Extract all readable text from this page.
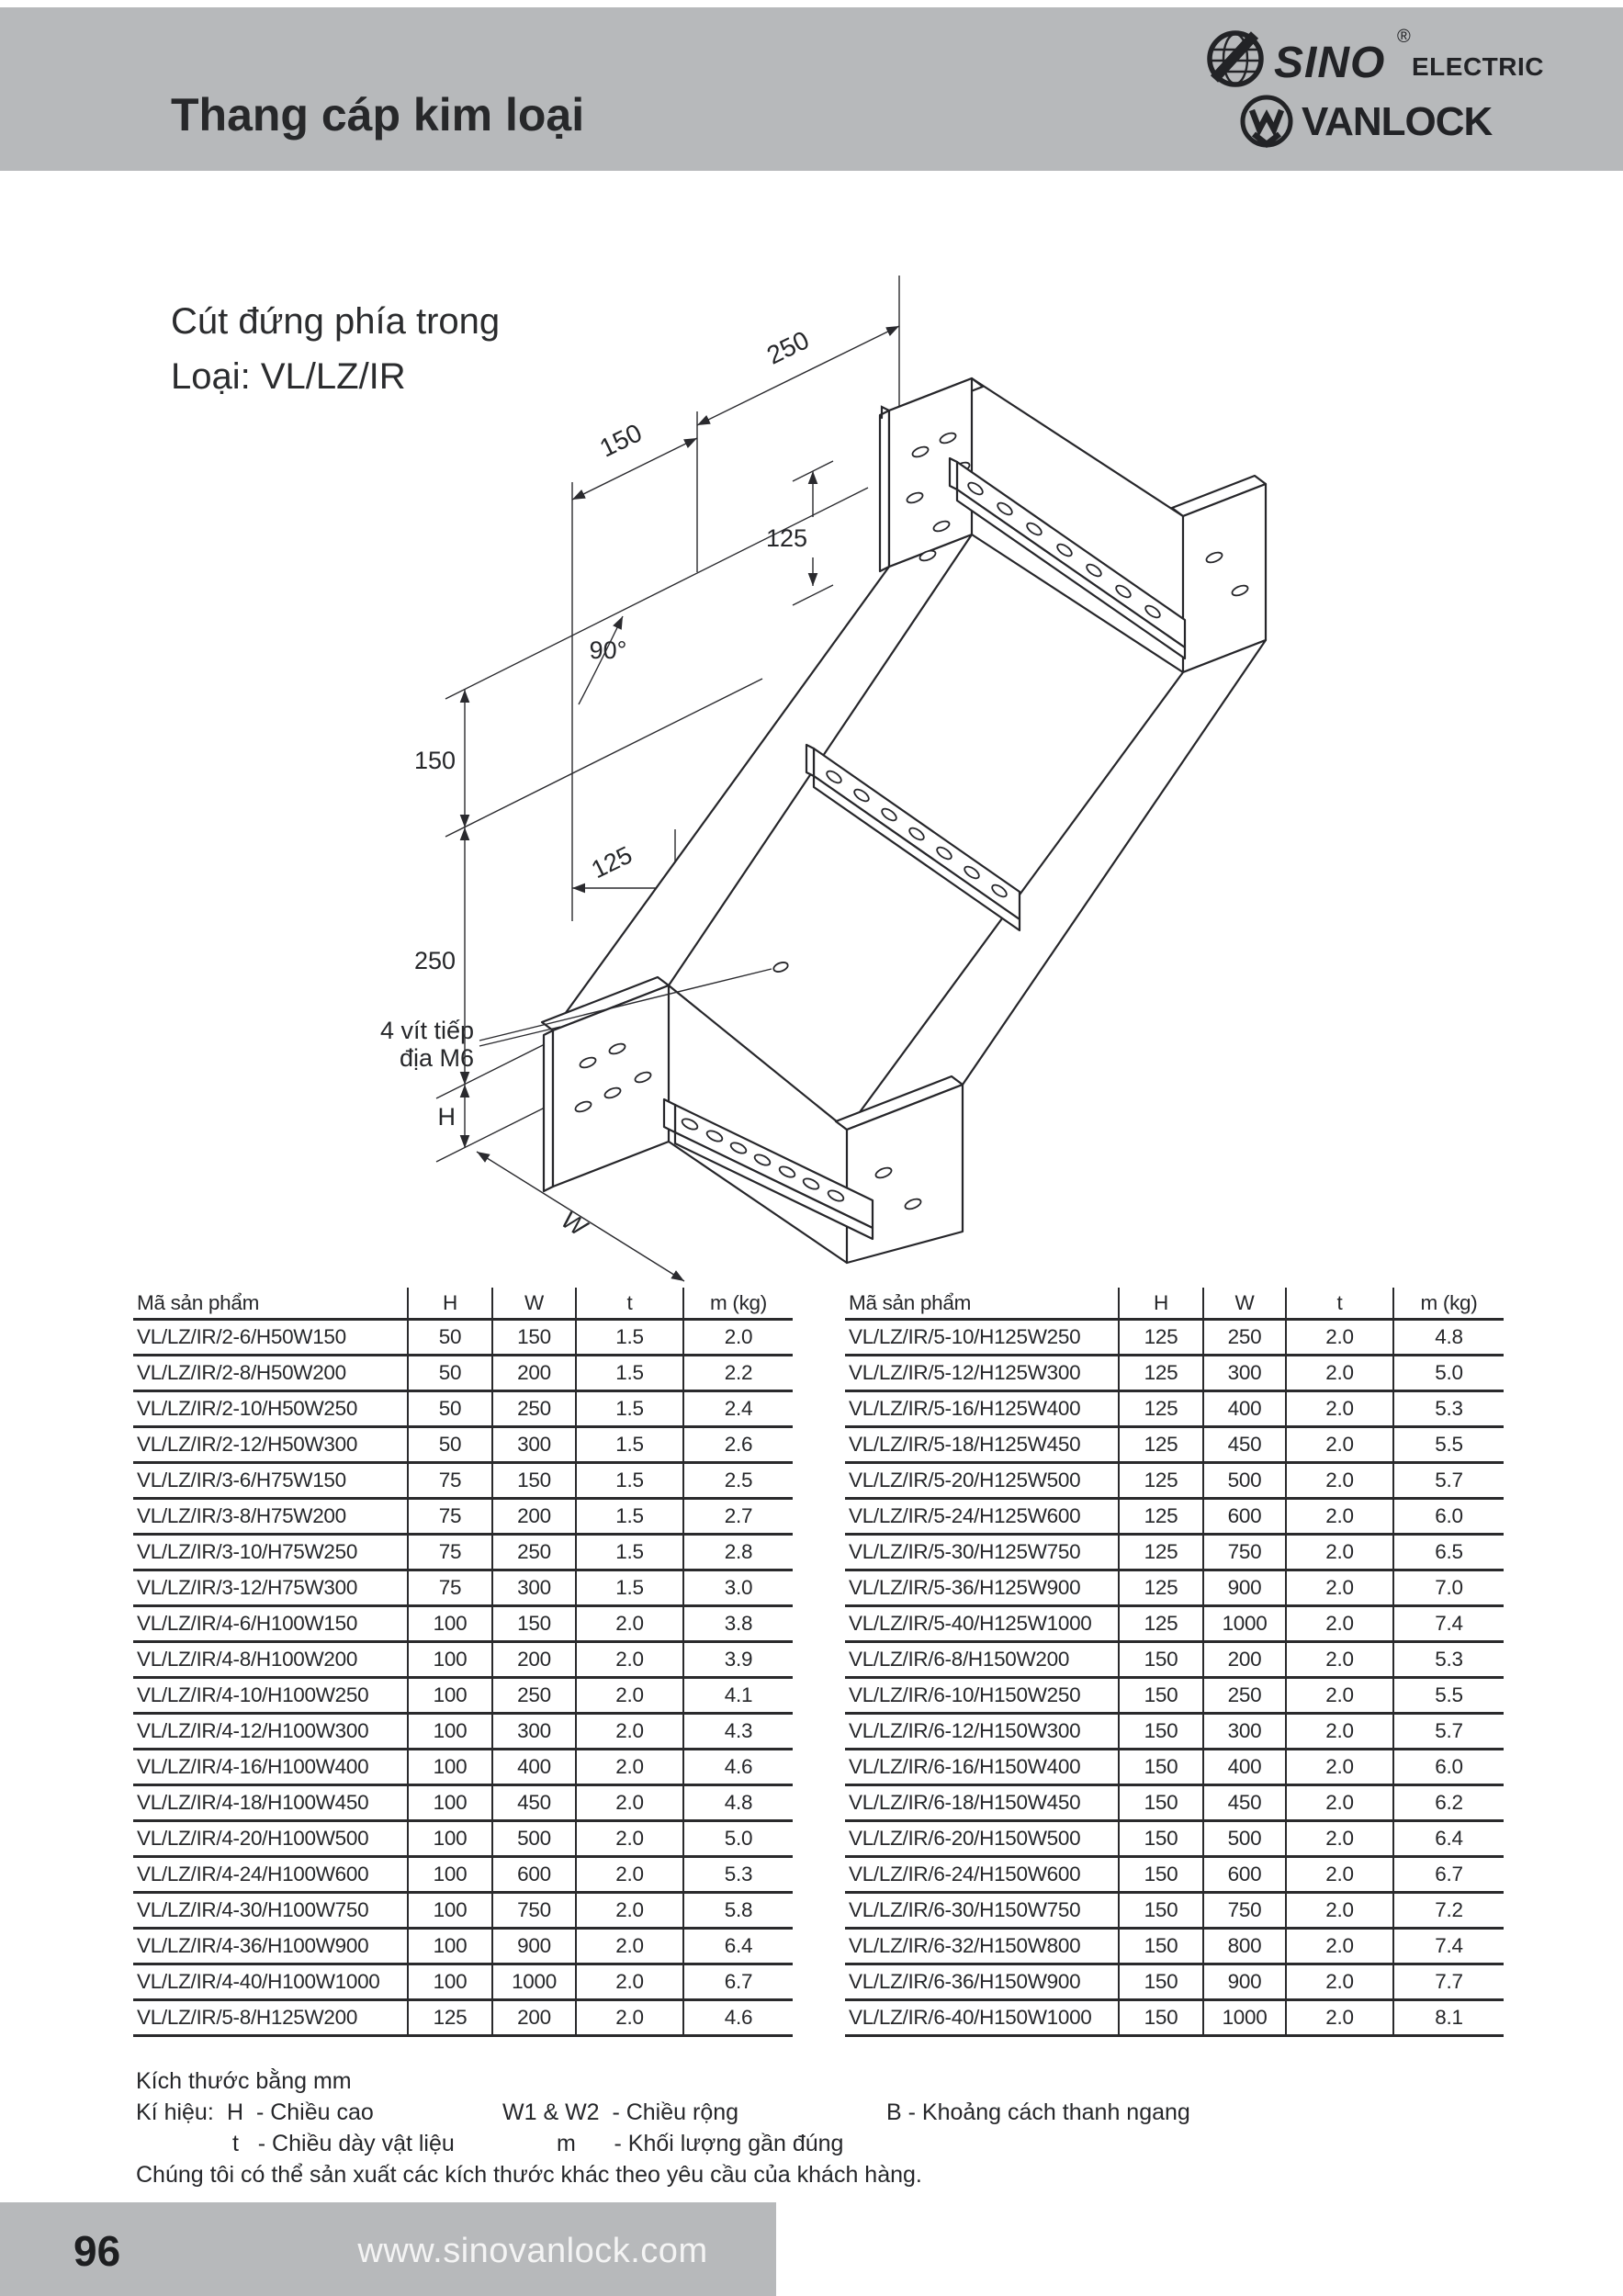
Thang cáp kim loại
SINO
®
ELECTRIC
VANLOCK
Cút đứng phía trong
Loại: VL/LZ/IR
250
150
125
90°
150
250
125
H
W
4 vít tiếp
địa M6
Mã sản phẩm	H	W	t	m (kg)
VL/LZ/IR/2-6/H50W150	50	150	1.5	2.0
VL/LZ/IR/2-8/H50W200	50	200	1.5	2.2
VL/LZ/IR/2-10/H50W250	50	250	1.5	2.4
VL/LZ/IR/2-12/H50W300	50	300	1.5	2.6
VL/LZ/IR/3-6/H75W150	75	150	1.5	2.5
VL/LZ/IR/3-8/H75W200	75	200	1.5	2.7
VL/LZ/IR/3-10/H75W250	75	250	1.5	2.8
VL/LZ/IR/3-12/H75W300	75	300	1.5	3.0
VL/LZ/IR/4-6/H100W150	100	150	2.0	3.8
VL/LZ/IR/4-8/H100W200	100	200	2.0	3.9
VL/LZ/IR/4-10/H100W250	100	250	2.0	4.1
VL/LZ/IR/4-12/H100W300	100	300	2.0	4.3
VL/LZ/IR/4-16/H100W400	100	400	2.0	4.6
VL/LZ/IR/4-18/H100W450	100	450	2.0	4.8
VL/LZ/IR/4-20/H100W500	100	500	2.0	5.0
VL/LZ/IR/4-24/H100W600	100	600	2.0	5.3
VL/LZ/IR/4-30/H100W750	100	750	2.0	5.8
VL/LZ/IR/4-36/H100W900	100	900	2.0	6.4
VL/LZ/IR/4-40/H100W1000	100	1000	2.0	6.7
VL/LZ/IR/5-8/H125W200	125	200	2.0	4.6
Mã sản phẩm	H	W	t	m (kg)
VL/LZ/IR/5-10/H125W250	125	250	2.0	4.8
VL/LZ/IR/5-12/H125W300	125	300	2.0	5.0
VL/LZ/IR/5-16/H125W400	125	400	2.0	5.3
VL/LZ/IR/5-18/H125W450	125	450	2.0	5.5
VL/LZ/IR/5-20/H125W500	125	500	2.0	5.7
VL/LZ/IR/5-24/H125W600	125	600	2.0	6.0
VL/LZ/IR/5-30/H125W750	125	750	2.0	6.5
VL/LZ/IR/5-36/H125W900	125	900	2.0	7.0
VL/LZ/IR/5-40/H125W1000	125	1000	2.0	7.4
VL/LZ/IR/6-8/H150W200	150	200	2.0	5.3
VL/LZ/IR/6-10/H150W250	150	250	2.0	5.5
VL/LZ/IR/6-12/H150W300	150	300	2.0	5.7
VL/LZ/IR/6-16/H150W400	150	400	2.0	6.0
VL/LZ/IR/6-18/H150W450	150	450	2.0	6.2
VL/LZ/IR/6-20/H150W500	150	500	2.0	6.4
VL/LZ/IR/6-24/H150W600	150	600	2.0	6.7
VL/LZ/IR/6-30/H150W750	150	750	2.0	7.2
VL/LZ/IR/6-32/H150W800	150	800	2.0	7.4
VL/LZ/IR/6-36/H150W900	150	900	2.0	7.7
VL/LZ/IR/6-40/H150W1000	150	1000	2.0	8.1
Kích thước bằng mm
Kí hiệu: H  - Chiều cao	W1 & W2  - Chiều rộng	B - Khoảng cách thanh ngang
t   - Chiều dày vật liệu	m      - Khối lượng gần đúng
Chúng tôi có thể sản xuất các kích thước khác theo yêu cầu của khách hàng.
96	www.sinovanlock.com
